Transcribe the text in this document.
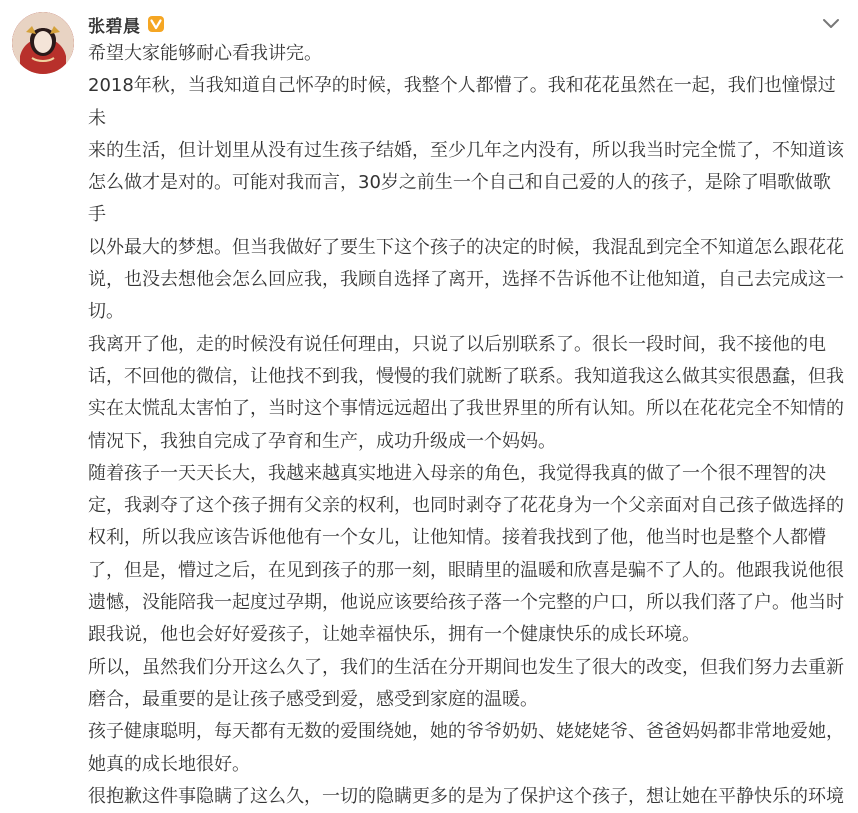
张碧晨

希望大家能够耐心看我讲完。

2018年秋，当我知道自己怀孕的时候，我整个人都懵了。我和花花虽然在一起，我们也憧憬过未

来的生活，但计划里从没有过生孩子结婚，至少几年之内没有，所以我当时完全慌了，不知道该

怎么做才是对的。可能对我而言，30岁之前生一个自己和自己爱的人的孩子，是除了唱歌做歌手

以外最大的梦想。但当我做好了要生下这个孩子的决定的时候，我混乱到完全不知道怎么跟花花

说，也没去想他会怎么回应我，我顾自选择了离开，选择不告诉他不让他知道，自己去完成这一

切。

我离开了他，走的时候没有说任何理由，只说了以后别联系了。很长一段时间，我不接他的电

话，不回他的微信，让他找不到我，慢慢的我们就断了联系。我知道我这么做其实很愚蠢，但我

实在太慌乱太害怕了，当时这个事情远远超出了我世界里的所有认知。所以在花花完全不知情的

情况下，我独自完成了孕育和生产，成功升级成一个妈妈。

随着孩子一天天长大，我越来越真实地进入母亲的角色，我觉得我真的做了一个很不理智的决

定，我剥夺了这个孩子拥有父亲的权利，也同时剥夺了花花身为一个父亲面对自己孩子做选择的

权利，所以我应该告诉他他有一个女儿，让他知情。接着我找到了他，他当时也是整个人都懵

了，但是，懵过之后，在见到孩子的那一刻，眼睛里的温暖和欣喜是骗不了人的。他跟我说他很

遗憾，没能陪我一起度过孕期，他说应该要给孩子落一个完整的户口，所以我们落了户。他当时

跟我说，他也会好好爱孩子，让她幸福快乐，拥有一个健康快乐的成长环境。

所以，虽然我们分开这么久了，我们的生活在分开期间也发生了很大的改变，但我们努力去重新

磨合，最重要的是让孩子感受到爱，感受到家庭的温暖。

孩子健康聪明，每天都有无数的爱围绕她，她的爷爷奶奶、姥姥姥爷、爸爸妈妈都非常地爱她，

她真的成长地很好。

很抱歉这件事隐瞒了这么久，一切的隐瞒更多的是为了保护这个孩子，想让她在平静快乐的环境
